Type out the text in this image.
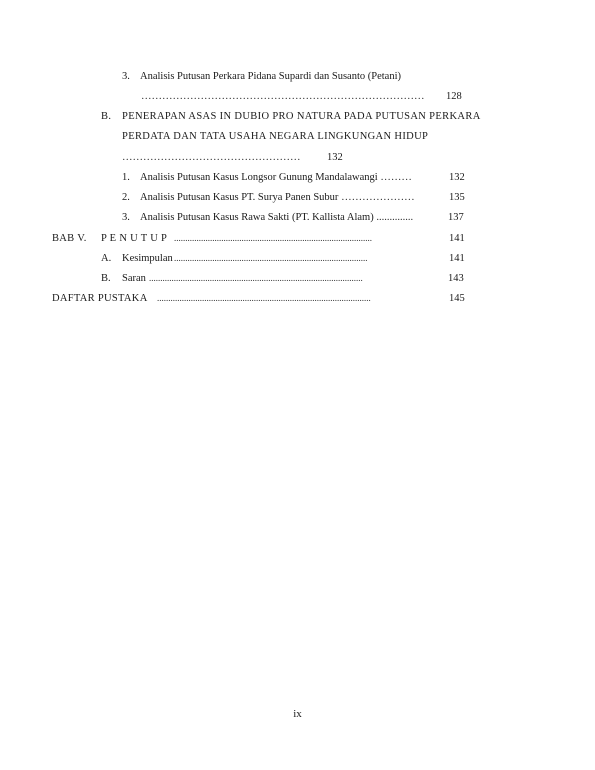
3. Analisis Putusan Perkara Pidana Supardi dan Susanto (Petani)
………………………………………………………………………	128
B. PENERAPAN ASAS IN DUBIO PRO NATURA PADA PUTUSAN PERKARA
PERDATA DAN TATA USAHA NEGARA LINGKUNGAN HIDUP
……………………………………………	132
1. Analisis Putusan Kasus Longsor Gunung Mandalawangi ………	132
2. Analisis Putusan Kasus PT. Surya Panen Subur …………………	135
3. Analisis Putusan Kasus Rawa Sakti (PT. Kallista Alam) ..............	137
BAB V. P E N U T U P ........................................................................................	141
A. Kesimpulan ......................................................................................	141
B. Saran ...............................................................................................	143
DAFTAR PUSTAKA ...............................................................................................	145
ix
